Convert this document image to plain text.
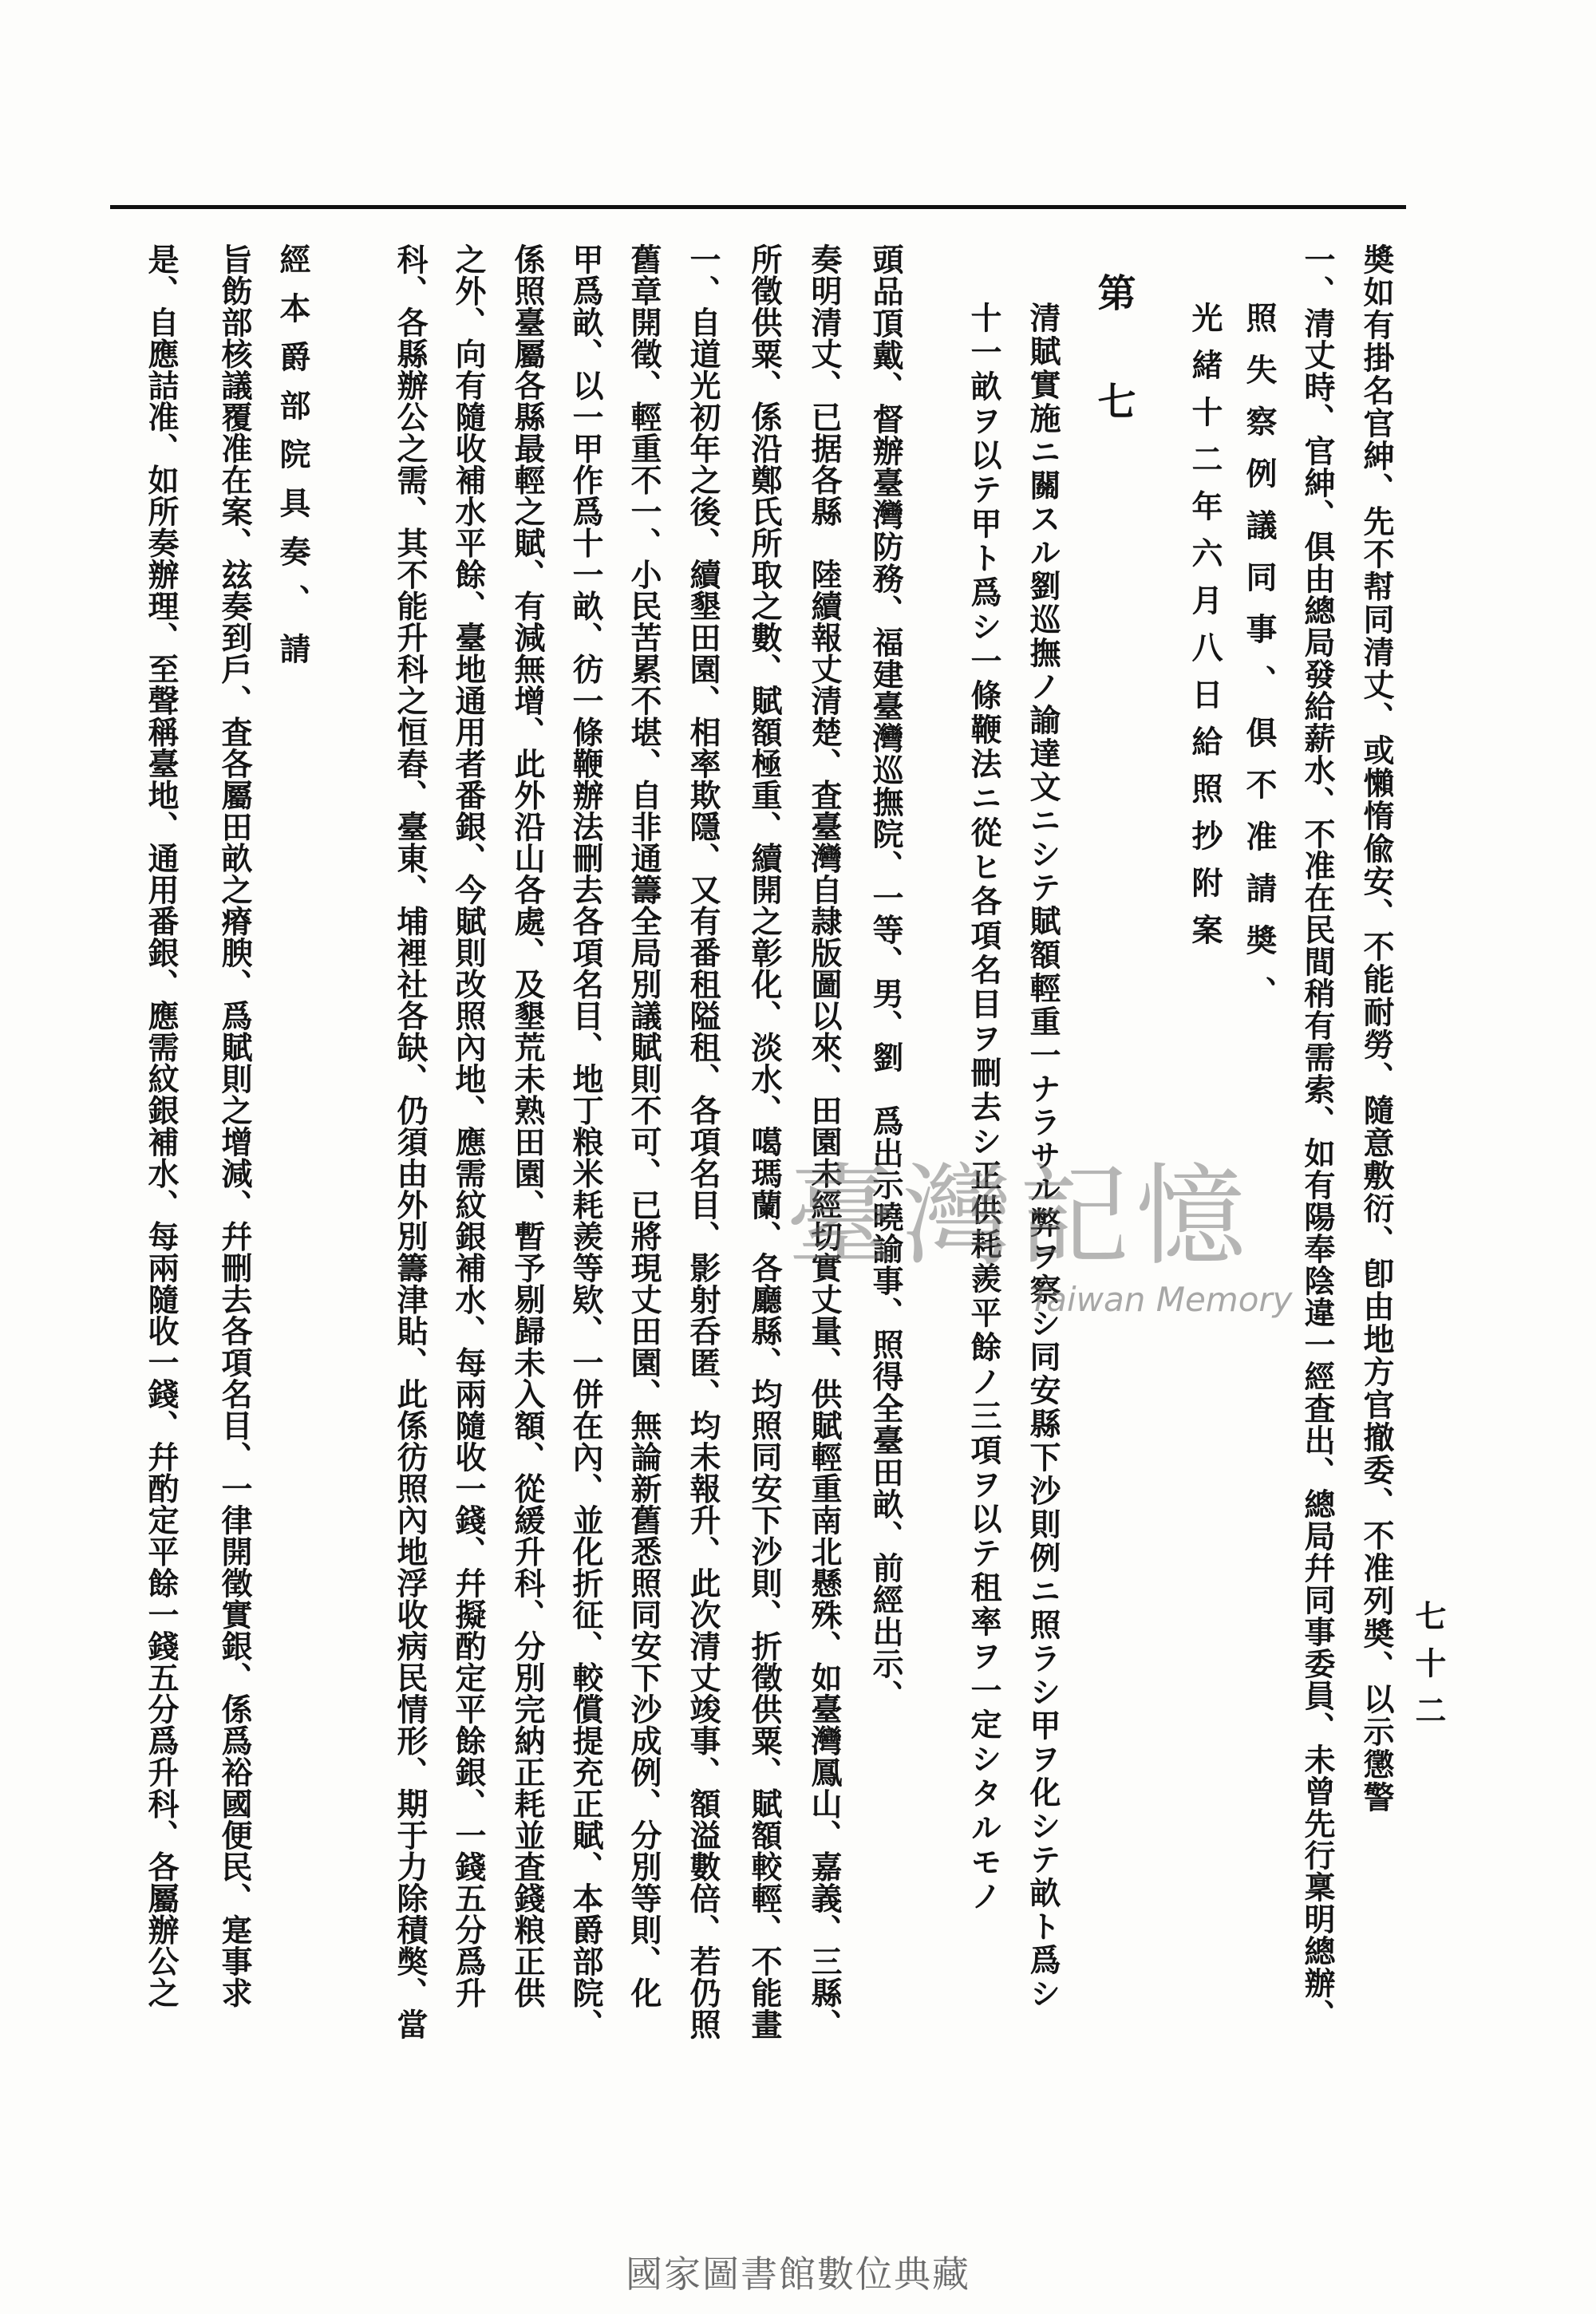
奬如有掛名官紳、先不幇同清丈、或懶惰偸安、不能耐勞、隨意敷衍、卽由地方官撤委、不准列奬、以示懲警
一、清丈時、官紳、俱由總局發給薪水、不准在民間稍有需索、如有陽奉陰違一經査出、總局幷同事委員、未曾先行稟明總辦、
照失察例議同事、俱不准請奬、
光緒十二年六月八日給照抄附案
第　七
清賦實施ニ關スル劉巡撫ノ諭達文ニシテ賦額輕重一ナラサル弊ヲ察シ同安縣下沙則例ニ照ラシ甲ヲ化シテ畝ト爲シ
十一畝ヲ以テ甲ト爲シ一條鞭法ニ從ヒ各項名目ヲ刪去シ正供耗羨平餘ノ三項ヲ以テ租率ヲ一定シタルモノ
頭品頂戴、督辦臺灣防務、福建臺灣巡撫院、一等、男、劉　爲出示曉諭事、照得全臺田畝、前經出示、
奏明清丈、已据各縣　陸續報丈清楚、査臺灣自隷版圖以來、田園未經切實丈量、供賦輕重南北懸殊、如臺灣鳳山、嘉義、三縣、
所徵供粟、係沿鄭氏所取之數、賦額極重、續開之彰化、淡水、噶瑪蘭、各廳縣、均照同安下沙則、折徵供粟、賦額較輕、不能畫
一、自道光初年之後、續墾田園、相率欺隱、又有番租隘租、各項名目、影射呑匿、均未報升、此次清丈竣事、額溢數倍、若仍照
舊章開徵、輕重不一、小民苦累不堪、自非通籌全局別議賦則不可、已將現丈田園、無論新舊悉照同安下沙成例、分別等則、化
甲爲畝、以一甲作爲十一畝、彷一條鞭辦法刪去各項名目、地丁粮米耗羨等欵、一併在內、並化折征、較償提充正賦、本爵部院、
係照臺屬各縣最輕之賦、有減無增、此外沿山各處、及墾荒未熟田園、暫予剔歸未入額、從緩升科、分別完納正耗並査錢粮正供
之外、向有隨收補水平餘、臺地通用者番銀、今賦則改照內地、應需紋銀補水、每兩隨收一錢、幷擬酌定平餘銀、一錢五分爲升
科、各縣辦公之需、其不能升科之恒舂、臺東、埔裡社各缺、仍須由外別籌津貼、此係彷照內地浮收病民情形、期于力除積獘、當
經本爵部院具奏、請
旨飭部核議覆准在案、玆奏到戶、査各屬田畝之瘠腴、爲賦則之增減、幷刪去各項名目、一律開徵實銀、係爲裕國便民、寔事求
是、自應詰准、如所奏辦理、至聲稱臺地、通用番銀、應需紋銀補水、每兩隨收一錢、幷酌定平餘一錢五分爲升科、各屬辦公之	七十二
臺灣記憶
Taiwan Memory
國家圖書館數位典藏
